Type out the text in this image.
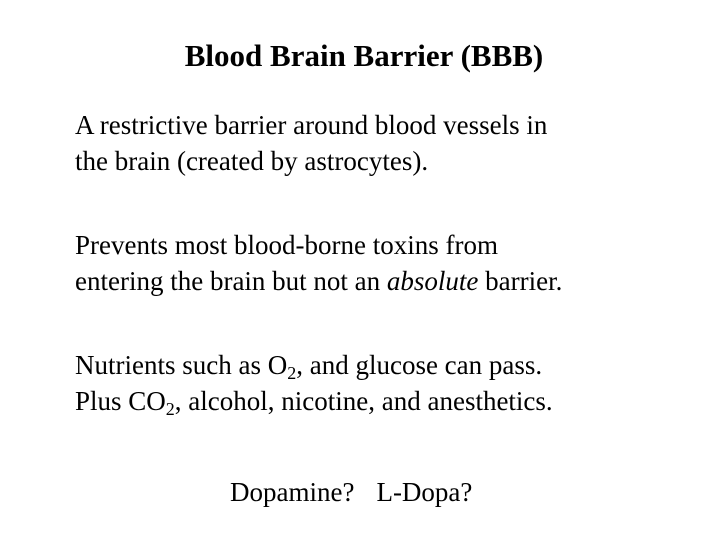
Blood Brain Barrier (BBB)
A restrictive barrier around blood vessels in
the brain (created by astrocytes).
Prevents most blood-borne toxins from
entering the brain but not an absolute barrier.
Nutrients such as $O_2$, and glucose can pass.
Plus $CO_2$, alcohol, nicotine, and anesthetics.
Dopamine? L-Dopa?
